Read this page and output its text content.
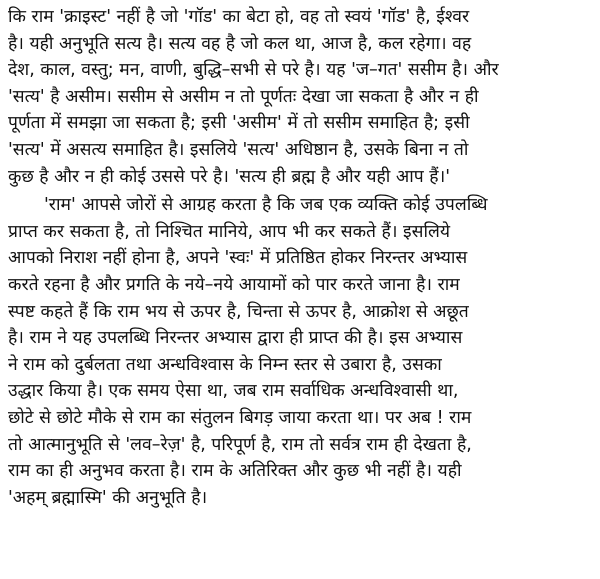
कि राम 'क्राइस्ट' नहीं है जो 'गॉड' का बेटा हो, वह तो स्वयं 'गॉड' है, ईश्वर
है। यही अनुभूति सत्य है। सत्य वह है जो कल था, आज है, कल रहेगा। वह
देश, काल, वस्तु; मन, वाणी, बुद्धि–सभी से परे है। यह 'ज–गत' ससीम है। और
'सत्य' है असीम। ससीम से असीम न तो पूर्णतः देखा जा सकता है और न ही
पूर्णता में समझा जा सकता है; इसी 'असीम' में तो ससीम समाहित है; इसी
'सत्य' में असत्य समाहित है। इसलिये 'सत्य' अधिष्ठान है, उसके बिना न तो
कुछ है और न ही कोई उससे परे है। 'सत्य ही ब्रह्म है और यही आप हैं।'

'राम' आपसे जोरों से आग्रह करता है कि जब एक व्यक्ति कोई उपलब्धि
प्राप्त कर सकता है, तो निश्चित मानिये, आप भी कर सकते हैं। इसलिये
आपको निराश नहीं होना है, अपने 'स्वः' में प्रतिष्ठित होकर निरन्तर अभ्यास
करते रहना है और प्रगति के नये–नये आयामों को पार करते जाना है। राम
स्पष्ट कहते हैं कि राम भय से ऊपर है, चिन्ता से ऊपर है, आक्रोश से अछूत
है। राम ने यह उपलब्धि निरन्तर अभ्यास द्वारा ही प्राप्त की है। इस अभ्यास
ने राम को दुर्बलता तथा अन्धविश्वास के निम्न स्तर से उबारा है, उसका
उद्धार किया है। एक समय ऐसा था, जब राम सर्वाधिक अन्धविश्वासी था,
छोटे से छोटे मौके से राम का संतुलन बिगड़ जाया करता था। पर अब ! राम
तो आत्मानुभूति से 'लव–रेज़' है, परिपूर्ण है, राम तो सर्वत्र राम ही देखता है,
राम का ही अनुभव करता है। राम के अतिरिक्त और कुछ भी नहीं है। यही
'अहम् ब्रह्मास्मि' की अनुभूति है।
